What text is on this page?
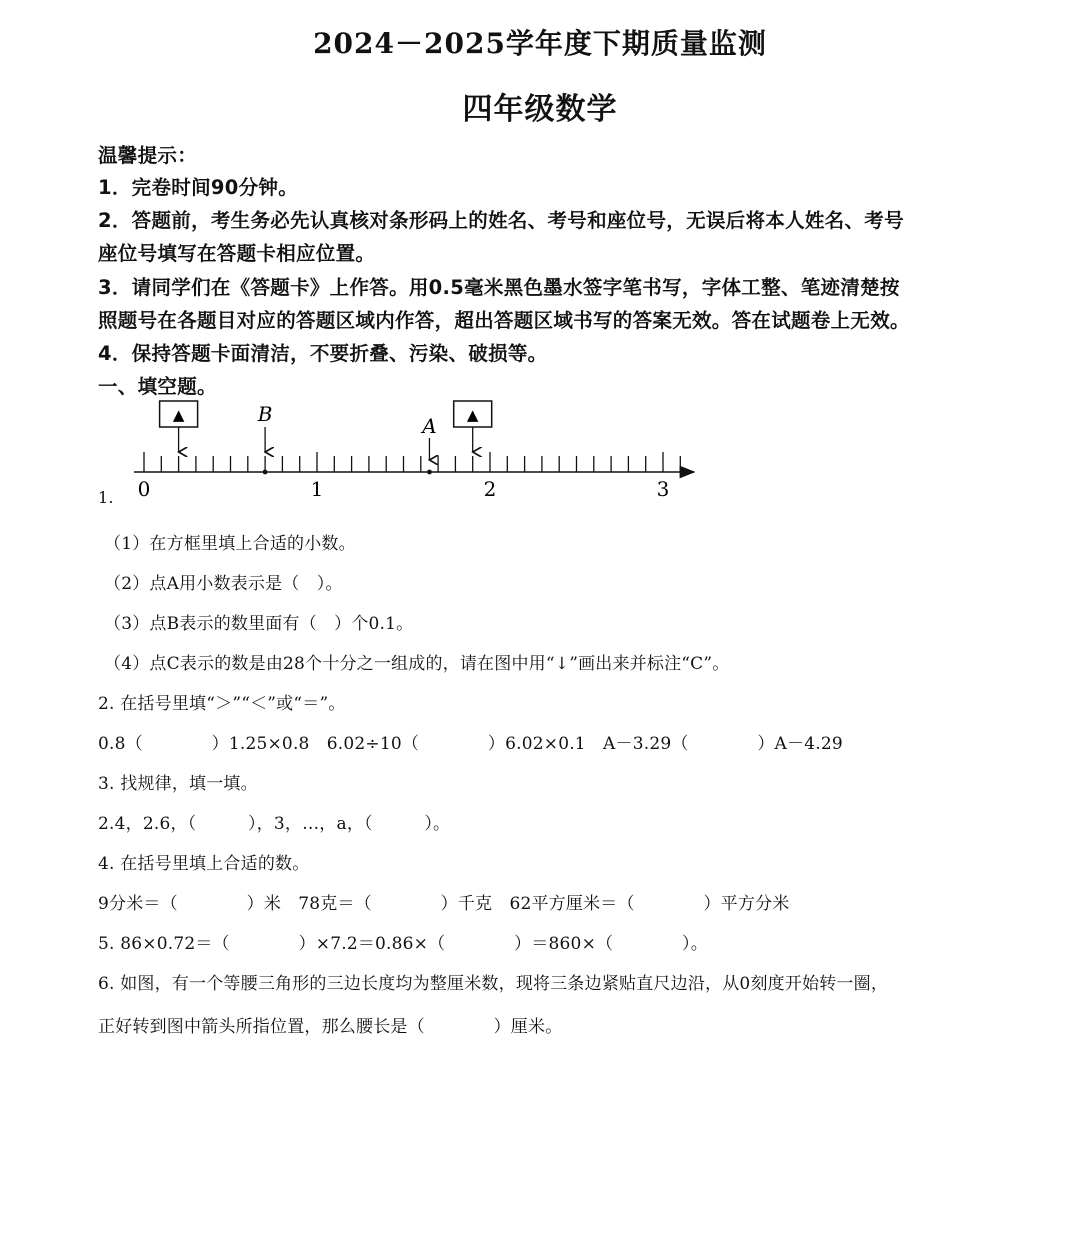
2024－2025学年度下期质量监测
四年级数学
温馨提示：
1．完卷时间90分钟。
2．答题前，考生务必先认真核对条形码上的姓名、考号和座位号，无误后将本人姓名、考号
座位号填写在答题卡相应位置。
3．请同学们在《答题卡》上作答。用0.5毫米黑色墨水签字笔书写，字体工整、笔迹清楚按
照题号在各题目对应的答题区域内作答，超出答题区域书写的答案无效。答在试题卷上无效。
4．保持答题卡面清洁，不要折叠、污染、破损等。
一、填空题。
0	1	2	3
▲	▲
B	A
1.
（1）在方框里填上合适的小数。
（2）点A用小数表示是（　）。
（3）点B表示的数里面有（　）个0.1。
（4）点C表示的数是由28个十分之一组成的，请在图中用“↓”画出来并标注“C”。
2. 在括号里填“＞”“＜”或“＝”。
0.8（　　　　）1.25×0.8　6.02÷10（　　　　）6.02×0.1　A－3.29（　　　　）A－4.29
3. 找规律，填一填。
2.4，2.6，（　　　），3，…，a，（　　　）。
4. 在括号里填上合适的数。
9分米＝（　　　　）米　78克＝（　　　　）千克　62平方厘米＝（　　　　）平方分米
5. 86×0.72＝（　　　　）×7.2＝0.86×（　　　　）＝860×（　　　　）。
6. 如图，有一个等腰三角形的三边长度均为整厘米数，现将三条边紧贴直尺边沿，从0刻度开始转一圈，
正好转到图中箭头所指位置，那么腰长是（　　　　）厘米。
